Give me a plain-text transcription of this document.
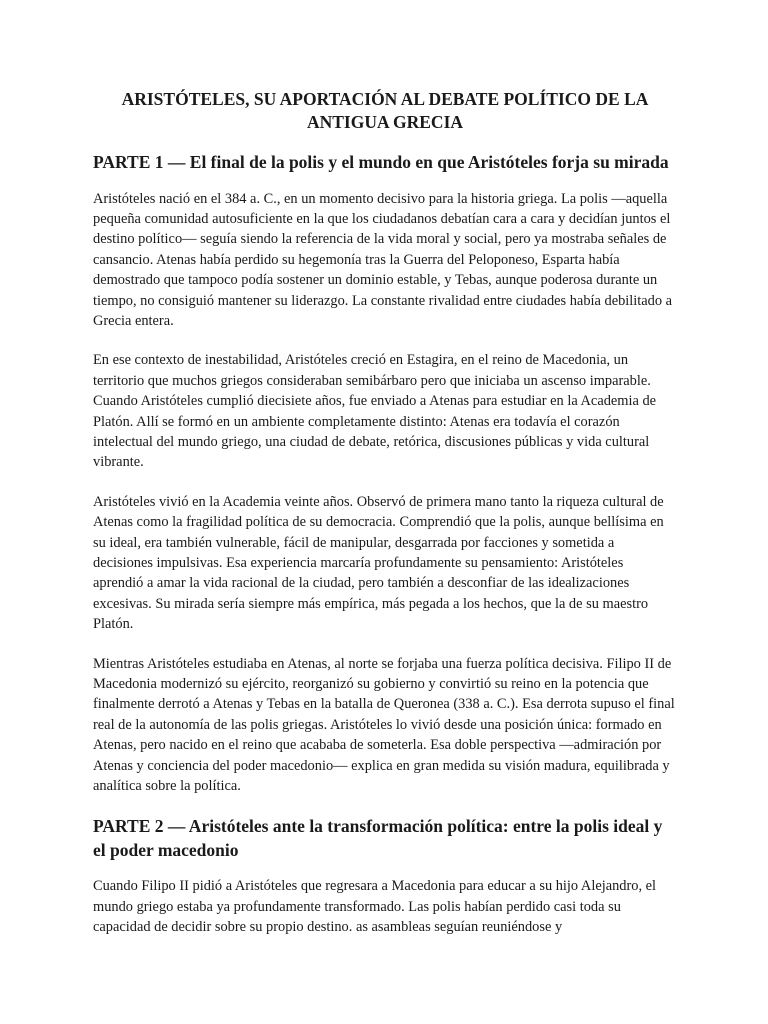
ARISTÓTELES, SU APORTACIÓN AL DEBATE POLÍTICO DE LA ANTIGUA GRECIA
PARTE 1 — El final de la polis y el mundo en que Aristóteles forja su mirada

Aristóteles nació en el 384 a. C., en un momento decisivo para la historia griega. La polis —aquella pequeña comunidad autosuficiente en la que los ciudadanos debatían cara a cara y decidían juntos el destino político— seguía siendo la referencia de la vida moral y social, pero ya mostraba señales de cansancio. Atenas había perdido su hegemonía tras la Guerra del Peloponeso, Esparta había demostrado que tampoco podía sostener un dominio estable, y Tebas, aunque poderosa durante un tiempo, no consiguió mantener su liderazgo. La constante rivalidad entre ciudades había debilitado a Grecia entera.

En ese contexto de inestabilidad, Aristóteles creció en Estagira, en el reino de Macedonia, un territorio que muchos griegos consideraban semibárbaro pero que iniciaba un ascenso imparable. Cuando Aristóteles cumplió diecisiete años, fue enviado a Atenas para estudiar en la Academia de Platón. Allí se formó en un ambiente completamente distinto: Atenas era todavía el corazón intelectual del mundo griego, una ciudad de debate, retórica, discusiones públicas y vida cultural vibrante.

Aristóteles vivió en la Academia veinte años. Observó de primera mano tanto la riqueza cultural de Atenas como la fragilidad política de su democracia. Comprendió que la polis, aunque bellísima en su ideal, era también vulnerable, fácil de manipular, desgarrada por facciones y sometida a decisiones impulsivas. Esa experiencia marcaría profundamente su pensamiento: Aristóteles aprendió a amar la vida racional de la ciudad, pero también a desconfiar de las idealizaciones excesivas. Su mirada sería siempre más empírica, más pegada a los hechos, que la de su maestro Platón.

Mientras Aristóteles estudiaba en Atenas, al norte se forjaba una fuerza política decisiva. Filipo II de Macedonia modernizó su ejército, reorganizó su gobierno y convirtió su reino en la potencia que finalmente derrotó a Atenas y Tebas en la batalla de Queronea (338 a. C.). Esa derrota supuso el final real de la autonomía de las polis griegas. Aristóteles lo vivió desde una posición única: formado en Atenas, pero nacido en el reino que acababa de someterla. Esa doble perspectiva —admiración por Atenas y conciencia del poder macedonio— explica en gran medida su visión madura, equilibrada y analítica sobre la política.

PARTE 2 — Aristóteles ante la transformación política: entre la polis ideal y el poder macedonio

Cuando Filipo II pidió a Aristóteles que regresara a Macedonia para educar a su hijo Alejandro, el mundo griego estaba ya profundamente transformado. Las polis habían perdido casi toda su capacidad de decidir sobre su propio destino. as asambleas seguían reuniéndose y
